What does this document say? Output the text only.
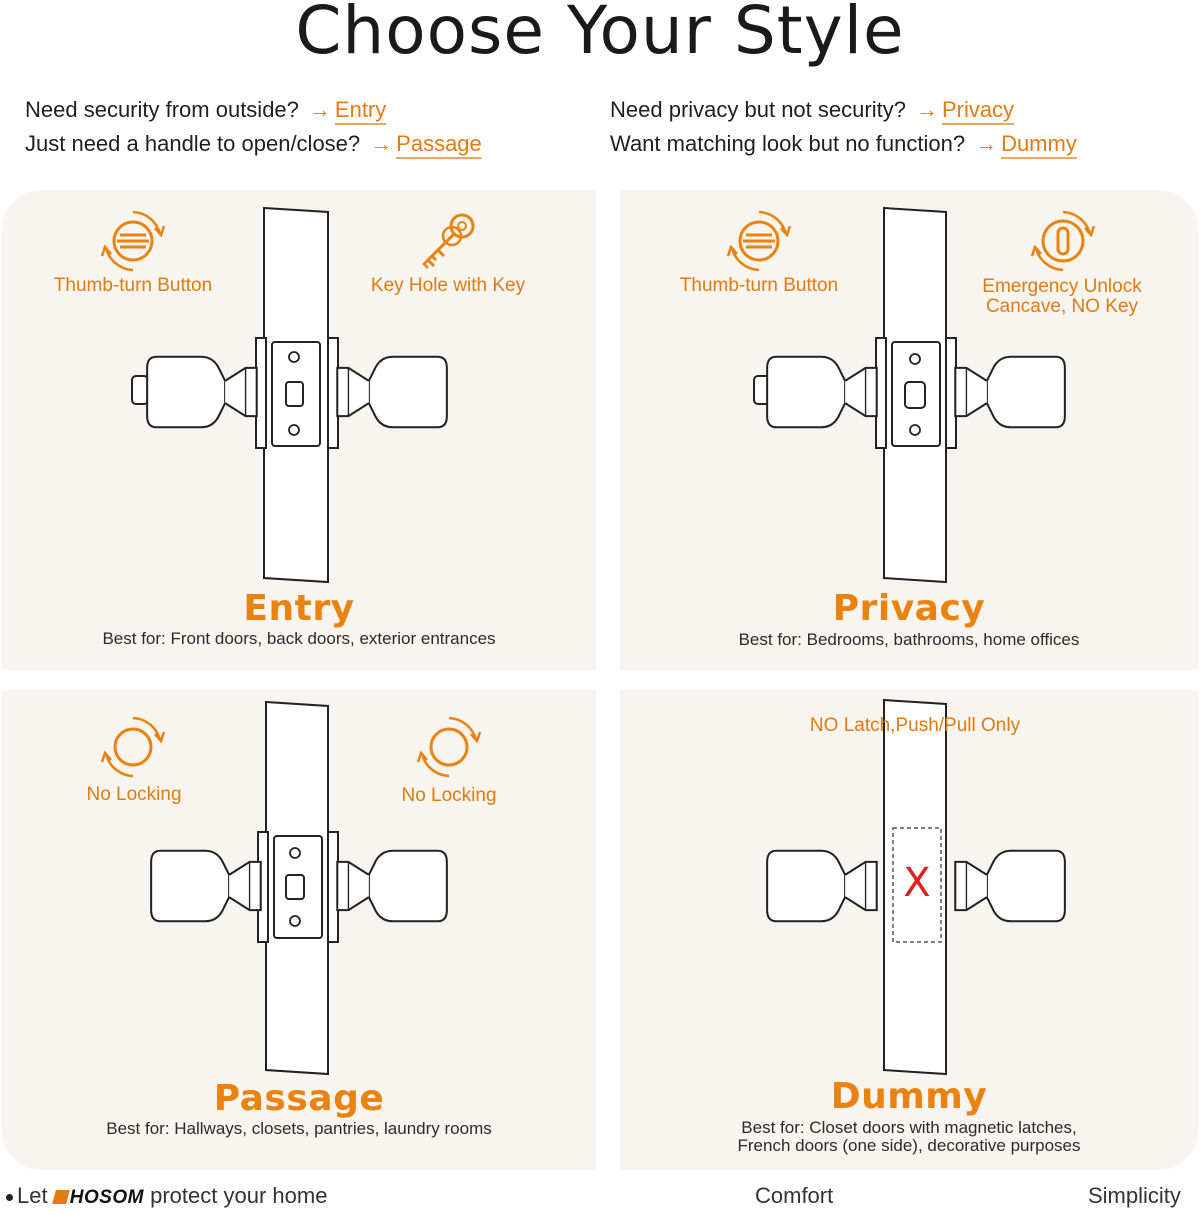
Choose Your Style
Need security from outside? → Entry
Just need a handle to open/close? → Passage
Need privacy but not security? → Privacy
Want matching look but no function? → Dummy
Thumb-turn Button	Key Hole with Key
Entry
Best for: Front doors, back doors, exterior entrances
Thumb-turn Button	Emergency Unlock
Cancave, NO Key
Privacy
Best for: Bedrooms, bathrooms, home offices
No Locking	No Locking
Passage
Best for: Hallways, closets, pantries, laundry rooms
X
NO Latch,Push/Pull Only
Dummy
Best for: Closet doors with magnetic latches,
French doors (one side), decorative purposes
Let HOSOM protect your home	Comfort	Simplicity
